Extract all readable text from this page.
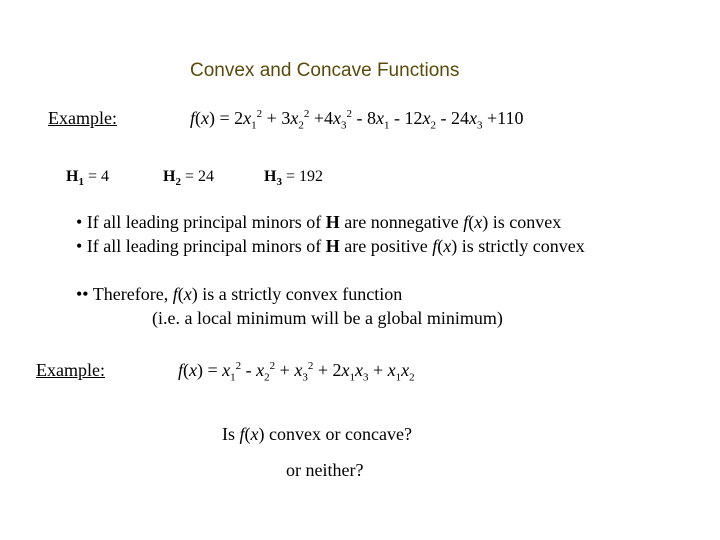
Convex and Concave Functions
Example:	$f(x) = 2x_1^2 + 3x_2^2 +4x_3^2 - 8x_1 - 12x_2 - 24x_3 +110$
$H_1 = 4$	$H_2 = 24$	$H_3 = 192$
• If all leading principal minors of H are nonnegative f(x) is convex
• If all leading principal minors of H are positive f(x) is strictly convex
•• Therefore, f(x) is a strictly convex function
(i.e. a local minimum will be a global minimum)
Example:	$f(x) = x_1^2 - x_2^2 + x_3^2 + 2x_1x_3 + x_1x_2$
Is f(x) convex or concave?
or neither?
